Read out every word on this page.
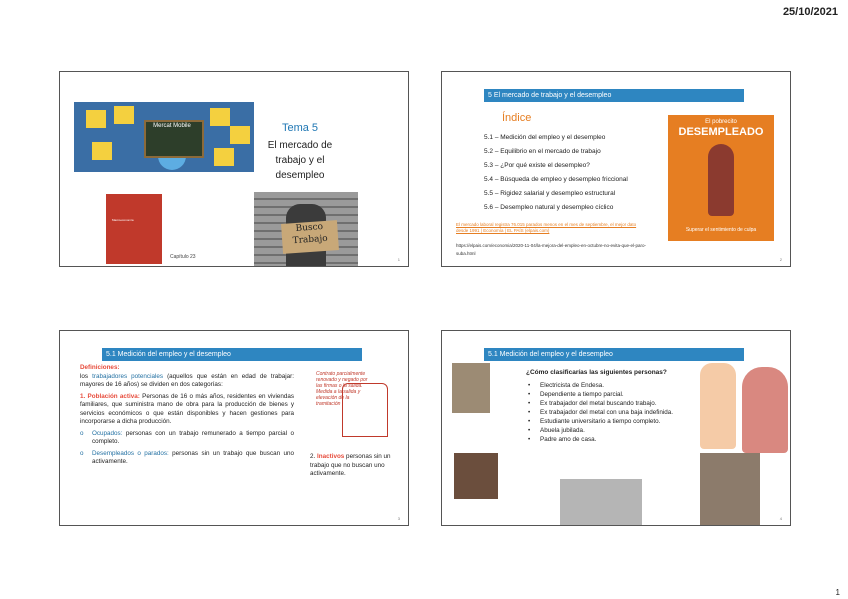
25/10/2021
Mercat Mobile	Tema 5
El mercado de
trabajo y el
desempleo
Macroeconomía
Capítulo 23
Busco
Trabajo
1
5 El mercado de trabajo y el desempleo
Índice
5.1 – Medición del empleo y el desempleo
5.2 – Equilibrio en el mercado de trabajo
5.3 – ¿Por qué existe el desempleo?
5.4 – Búsqueda de empleo y desempleo friccional
5.5 – Rigidez salarial y desempleo estructural
5.6 – Desempleo natural y desempleo cíclico
El pobrecito
DESEMPLEADO
Superar el sentimiento de culpa
El mercado laboral registra 76.015 parados menos en el mes de septiembre, el mejor dato desde 1991 | Economía | EL PAÍS (elpais.com)
https://elpais.com/economia/2020-11-04/la-mejora-del-empleo-en-octubre-no-evita-que-el-paro-suba.html
2
5.1 Medición del empleo y el desempleo

Definiciones:
los trabajadores potenciales (aquellos que están en edad de trabajar: mayores de 16 años) se dividen en dos categorías:

1. Población activa: Personas de 16 o más años, residentes en viviendas familiares, que suministra mano de obra para la producción de bienes y servicios económicos o que están disponibles y hacen gestiones para incorporarse a dicha producción.

o Ocupados: personas con un trabajo remunerado a tiempo parcial o completo.

o Desempleados o parados: personas sin un trabajo que buscan uno activamente.

Contrato parcialmente renovado y negado por las firmas o la salida. Medida a la salida y elevación de la tramitación
2. Inactivos personas sin un trabajo que no buscan uno activamente.
3
5.1 Medición del empleo y el desempleo
¿Cómo clasificarías las siguientes personas?
• Electricista de Endesa.
• Dependiente a tiempo parcial.
• Ex trabajador del metal buscando trabajo.
• Ex trabajador del metal con una baja indefinida.
• Estudiante universitario a tiempo completo.
• Abuela jubilada.
• Padre amo de casa.
4
1
